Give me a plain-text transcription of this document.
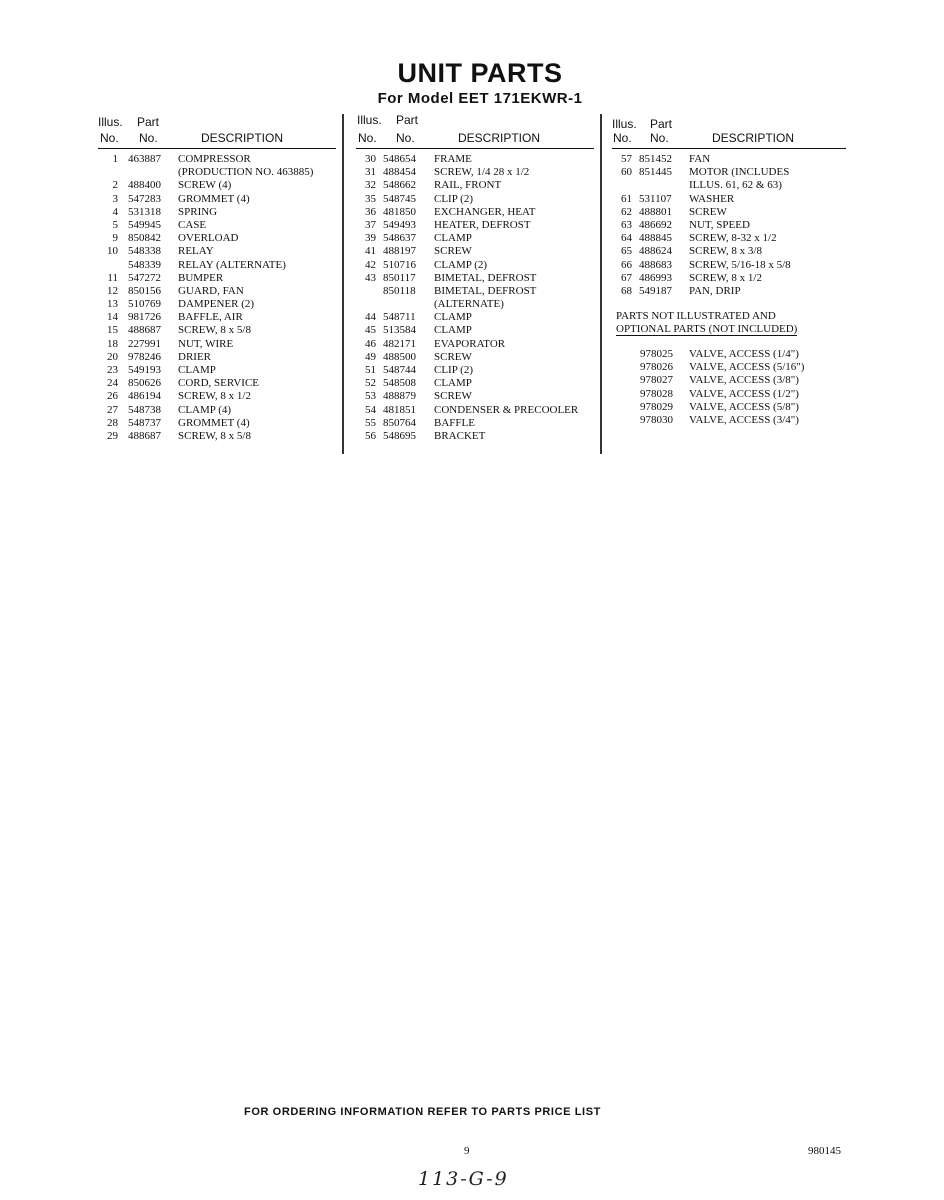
UNIT PARTS
For Model EET 171EKWR-1
Illus. Part
No. No.	DESCRIPTION
1 463887 COMPRESSOR
(PRODUCTION NO. 463885)
2 488400 SCREW (4)
3 547283 GROMMET (4)
4 531318 SPRING
5 549945 CASE
9 850842 OVERLOAD
10 548338 RELAY
548339 RELAY (ALTERNATE)
11 547272 BUMPER
12 850156 GUARD, FAN
13 510769 DAMPENER (2)
14 981726 BAFFLE, AIR
15 488687 SCREW, 8 x 5/8
18 227991 NUT, WIRE
20 978246 DRIER
23 549193 CLAMP
24 850626 CORD, SERVICE
26 486194 SCREW, 8 x 1/2
27 548738 CLAMP (4)
28 548737 GROMMET (4)
29 488687 SCREW, 8 x 5/8
Illus. Part
No. No.	DESCRIPTION
30 548654 FRAME
31 488454 SCREW, 1/4 28 x 1/2
32 548662 RAIL, FRONT
35 548745 CLIP (2)
36 481850 EXCHANGER, HEAT
37 549493 HEATER, DEFROST
39 548637 CLAMP
41 488197 SCREW
42 510716 CLAMP (2)
43 850117 BIMETAL, DEFROST
850118 BIMETAL, DEFROST
(ALTERNATE)
44 548711 CLAMP
45 513584 CLAMP
46 482171 EVAPORATOR
49 488500 SCREW
51 548744 CLIP (2)
52 548508 CLAMP
53 488879 SCREW
54 481851 CONDENSER & PRECOOLER
55 850764 BAFFLE
56 548695 BRACKET
Illus. Part
No. No.	DESCRIPTION
57 851452 FAN
60 851445 MOTOR (INCLUDES
ILLUS. 61, 62 & 63)
61 531107 WASHER
62 488801 SCREW
63 486692 NUT, SPEED
64 488845 SCREW, 8-32 x 1/2
65 488624 SCREW, 8 x 3/8
66 488683 SCREW, 5/16-18 x 5/8
67 486993 SCREW, 8 x 1/2
68 549187 PAN, DRIP
PARTS NOT ILLUSTRATED AND
OPTIONAL PARTS (NOT INCLUDED)
978025 VALVE, ACCESS (1/4")
978026 VALVE, ACCESS (5/16")
978027 VALVE, ACCESS (3/8")
978028 VALVE, ACCESS (1/2")
978029 VALVE, ACCESS (5/8")
978030 VALVE, ACCESS (3/4")
FOR ORDERING INFORMATION REFER TO PARTS PRICE LIST
9	980145
113-G-9
